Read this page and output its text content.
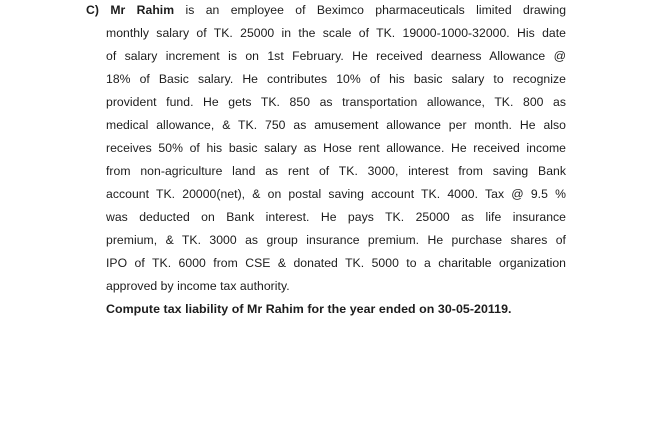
C) Mr Rahim is an employee of Beximco pharmaceuticals limited drawing
monthly salary of TK. 25000 in the scale of TK. 19000-1000-32000. His date
of salary increment is on 1st February. He received dearness Allowance @
18% of Basic salary. He contributes 10% of his basic salary to recognize
provident fund. He gets TK. 850 as transportation allowance, TK. 800 as
medical allowance, & TK. 750 as amusement allowance per month. He also
receives 50% of his basic salary as Hose rent allowance. He received income
from non-agriculture land as rent of TK. 3000, interest from saving Bank
account TK. 20000(net), & on postal saving account TK. 4000. Tax @ 9.5 %
was deducted on Bank interest. He pays TK. 25000 as life insurance
premium, & TK. 3000 as group insurance premium. He purchase shares of
IPO of TK. 6000 from CSE & donated TK. 5000 to a charitable organization
approved by income tax authority.
Compute tax liability of Mr Rahim for the year ended on 30-05-20119.
